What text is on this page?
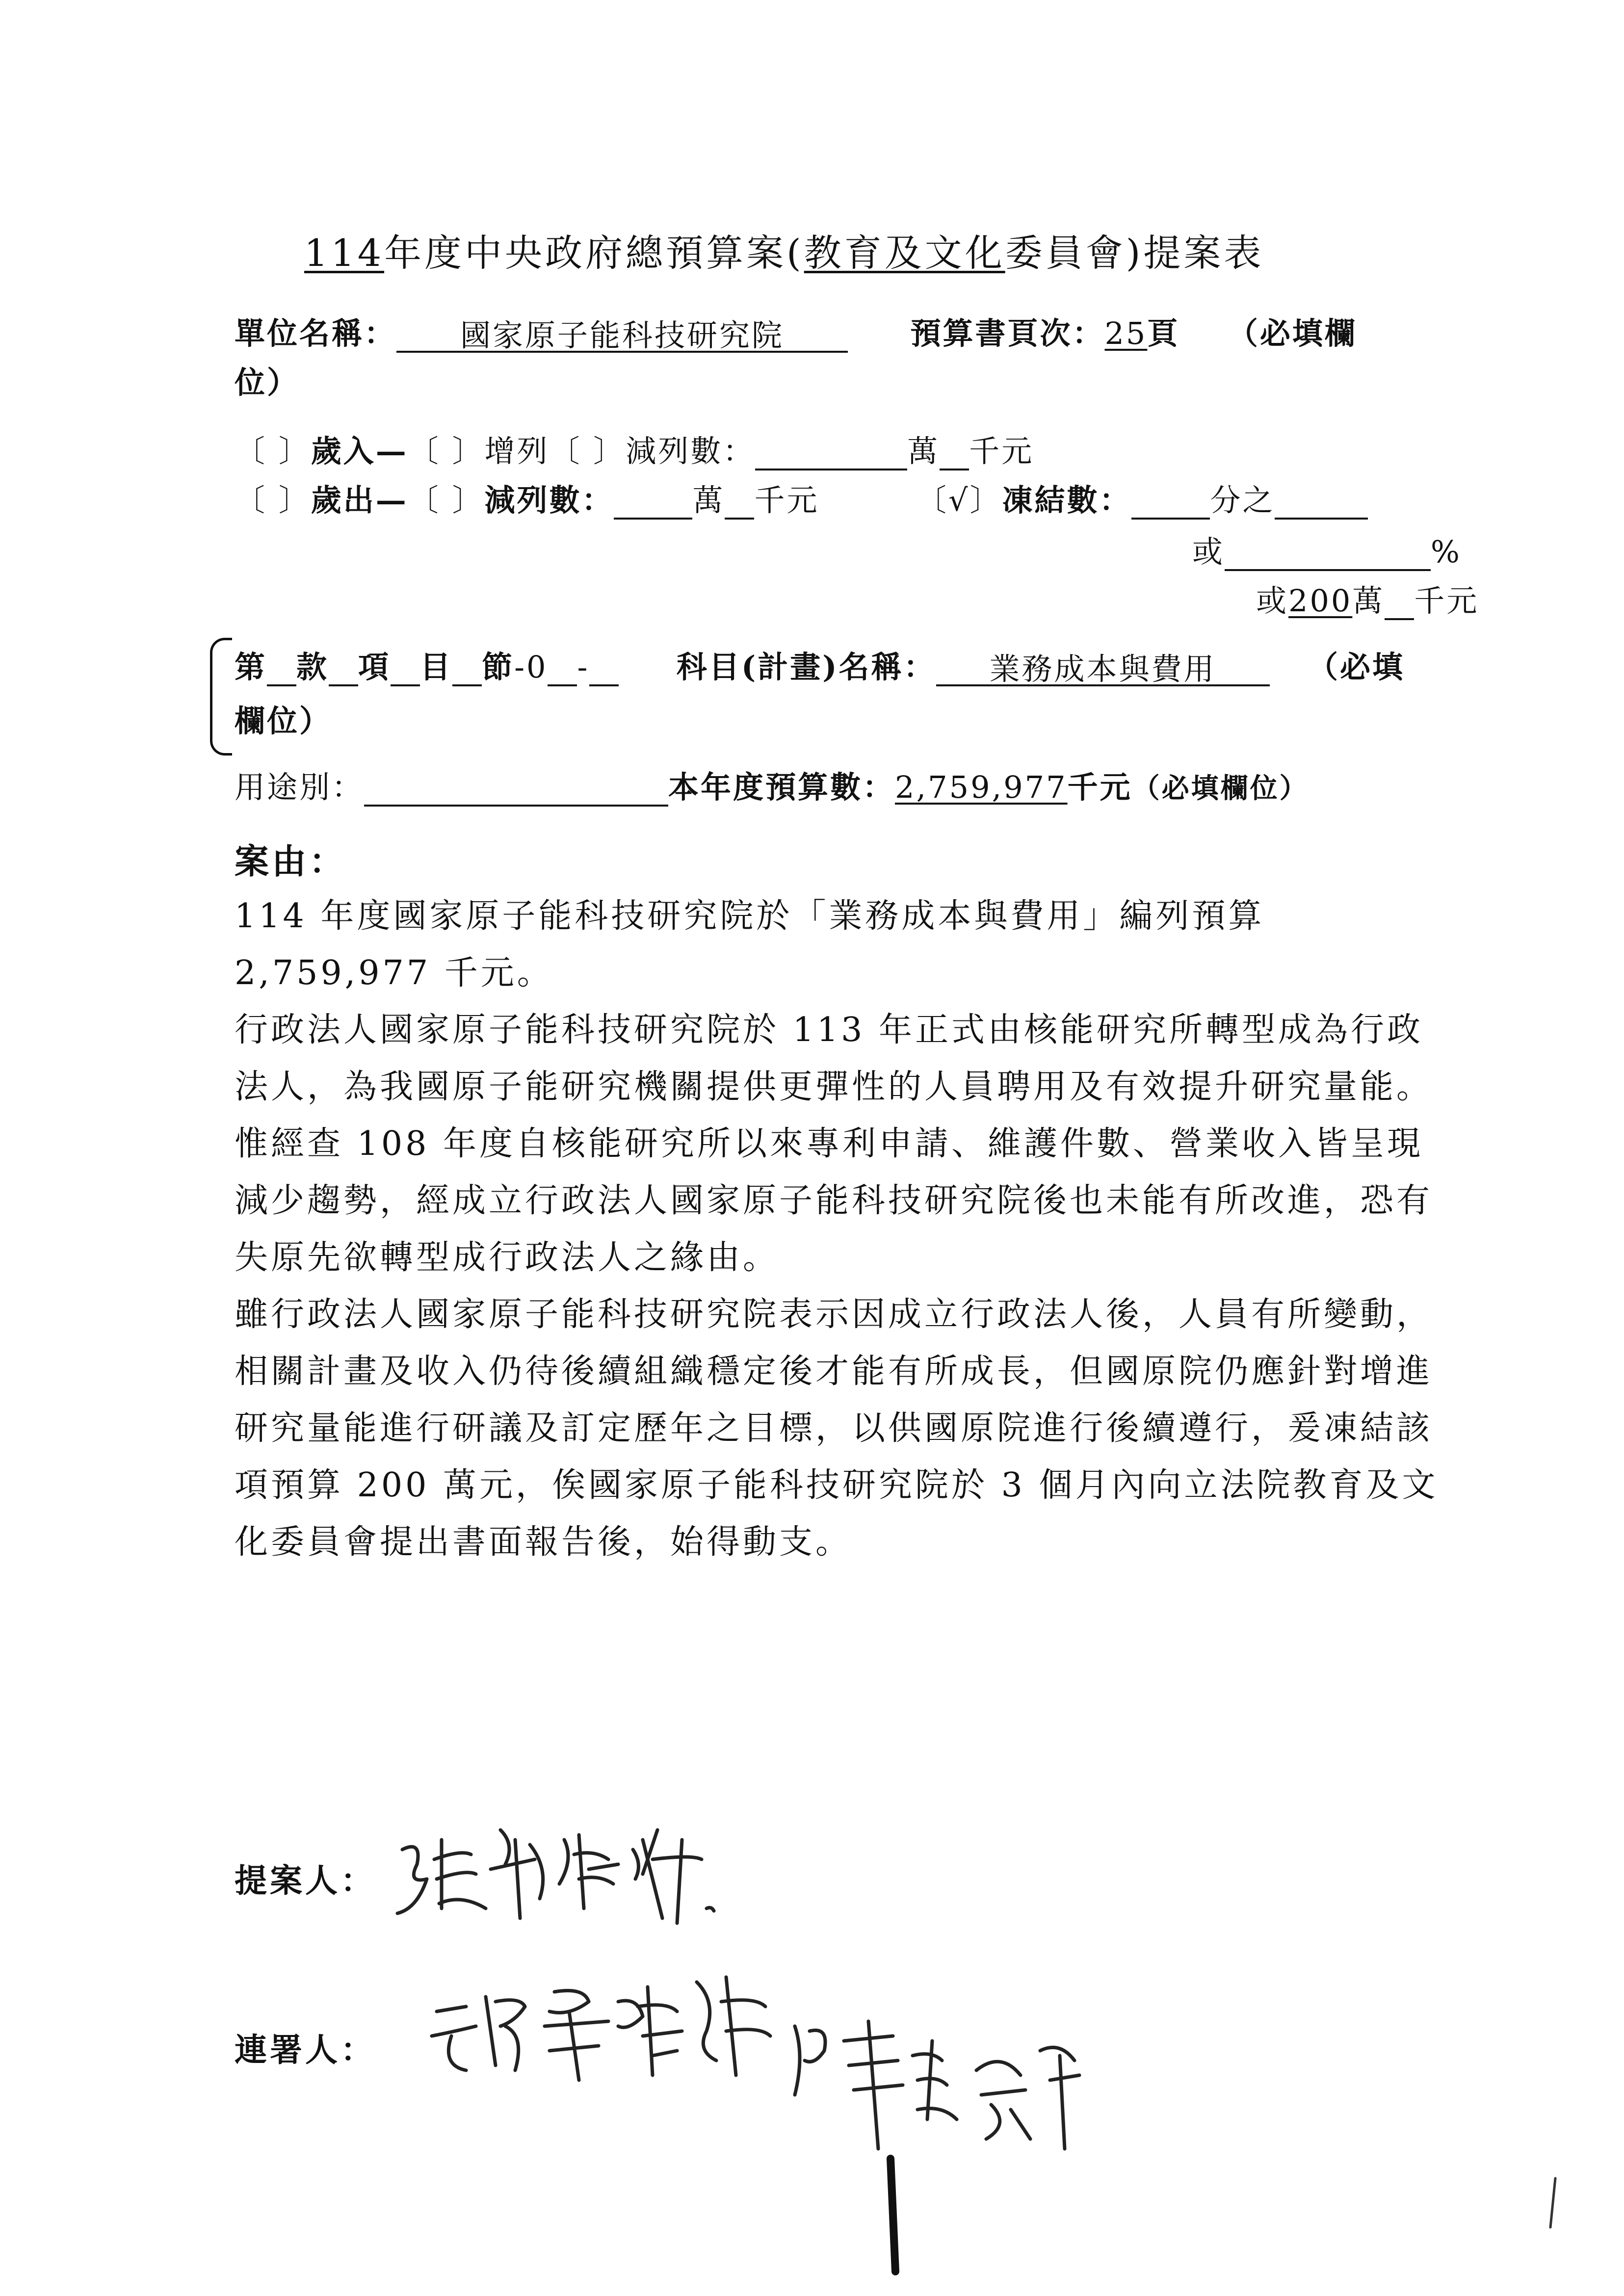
114年度中央政府總預算案(教育及文化委員會)提案表
單位名稱： 國家原子能科技研究院	預算書頁次：25頁 （必填欄
位）
〔 〕歲入—〔 〕增列〔 〕減列數：	萬 千元
〔 〕歲出—〔 〕減列數：	萬 千元	〔√〕凍結數：	分之
或	%
或200萬 千元
第 款 項 目 節-0 -	科目(計畫)名稱： 業務成本與費用	（必填
欄位）
用途別：	本年度預算數：2,759,977千元（必填欄位）
案由：

114 年度國家原子能科技研究院於「業務成本與費用」編列預算 2,759,977 千元。

行政法人國家原子能科技研究院於 113 年正式由核能研究所轉型成為行政法人，為我國原子能研究機關提供更彈性的人員聘用及有效提升研究量能。

惟經查 108 年度自核能研究所以來專利申請、維護件數、營業收入皆呈現減少趨勢，經成立行政法人國家原子能科技研究院後也未能有所改進，恐有失原先欲轉型成行政法人之緣由。

雖行政法人國家原子能科技研究院表示因成立行政法人後，人員有所變動，相關計畫及收入仍待後續組織穩定後才能有所成長，但國原院仍應針對增進研究量能進行研議及訂定歷年之目標，以供國原院進行後續遵行，爰凍結該項預算 200 萬元，俟國家原子能科技研究院於 3 個月內向立法院教育及文化委員會提出書面報告後，始得動支。

提案人：
連署人：
